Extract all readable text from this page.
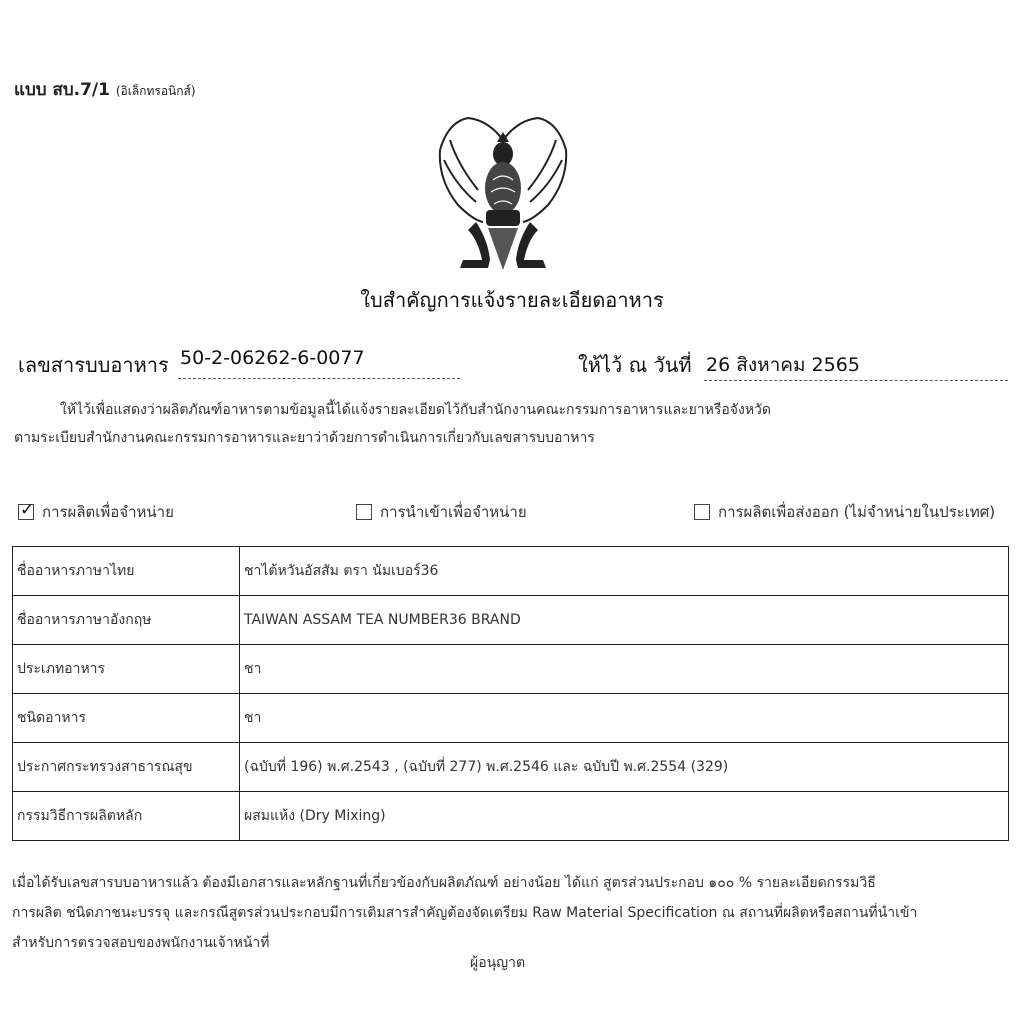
แบบ สบ.7/1 (อิเล็กทรอนิกส์)
ใบสำคัญการแจ้งรายละเอียดอาหาร
เลขสารบบอาหาร 50-2-06262-6-0077	ให้ไว้ ณ วันที่ 26 สิงหาคม 2565
ให้ไว้เพื่อแสดงว่าผลิตภัณฑ์อาหารตามข้อมูลนี้ได้แจ้งรายละเอียดไว้กับสำนักงานคณะกรรมการอาหารและยาหรือจังหวัด
ตามระเบียบสำนักงานคณะกรรมการอาหารและยาว่าด้วยการดำเนินการเกี่ยวกับเลขสารบบอาหาร
✓ การผลิตเพื่อจำหน่าย	การนำเข้าเพื่อจำหน่าย	การผลิตเพื่อส่งออก (ไม่จำหน่ายในประเทศ)
ชื่ออาหารภาษาไทย	ชาไต้หวันอัสสัม ตรา นัมเบอร์36
ชื่ออาหารภาษาอังกฤษ	TAIWAN ASSAM TEA NUMBER36 BRAND
ประเภทอาหาร	ชา
ชนิดอาหาร	ชา
ประกาศกระทรวงสาธารณสุข	(ฉบับที่ 196) พ.ศ.2543 , (ฉบับที่ 277) พ.ศ.2546 และ ฉบับปี พ.ศ.2554 (329)
กรรมวิธีการผลิตหลัก	ผสมแห้ง (Dry Mixing)
เมื่อได้รับเลขสารบบอาหารแล้ว ต้องมีเอกสารและหลักฐานที่เกี่ยวข้องกับผลิตภัณฑ์ อย่างน้อย ได้แก่ สูตรส่วนประกอบ ๑๐๐ % รายละเอียดกรรมวิธี
การผลิต ชนิดภาชนะบรรจุ และกรณีสูตรส่วนประกอบมีการเติมสารสำคัญต้องจัดเตรียม Raw Material Specification ณ สถานที่ผลิตหรือสถานที่นำเข้า
สำหรับการตรวจสอบของพนักงานเจ้าหน้าที่
ผู้อนุญาต
